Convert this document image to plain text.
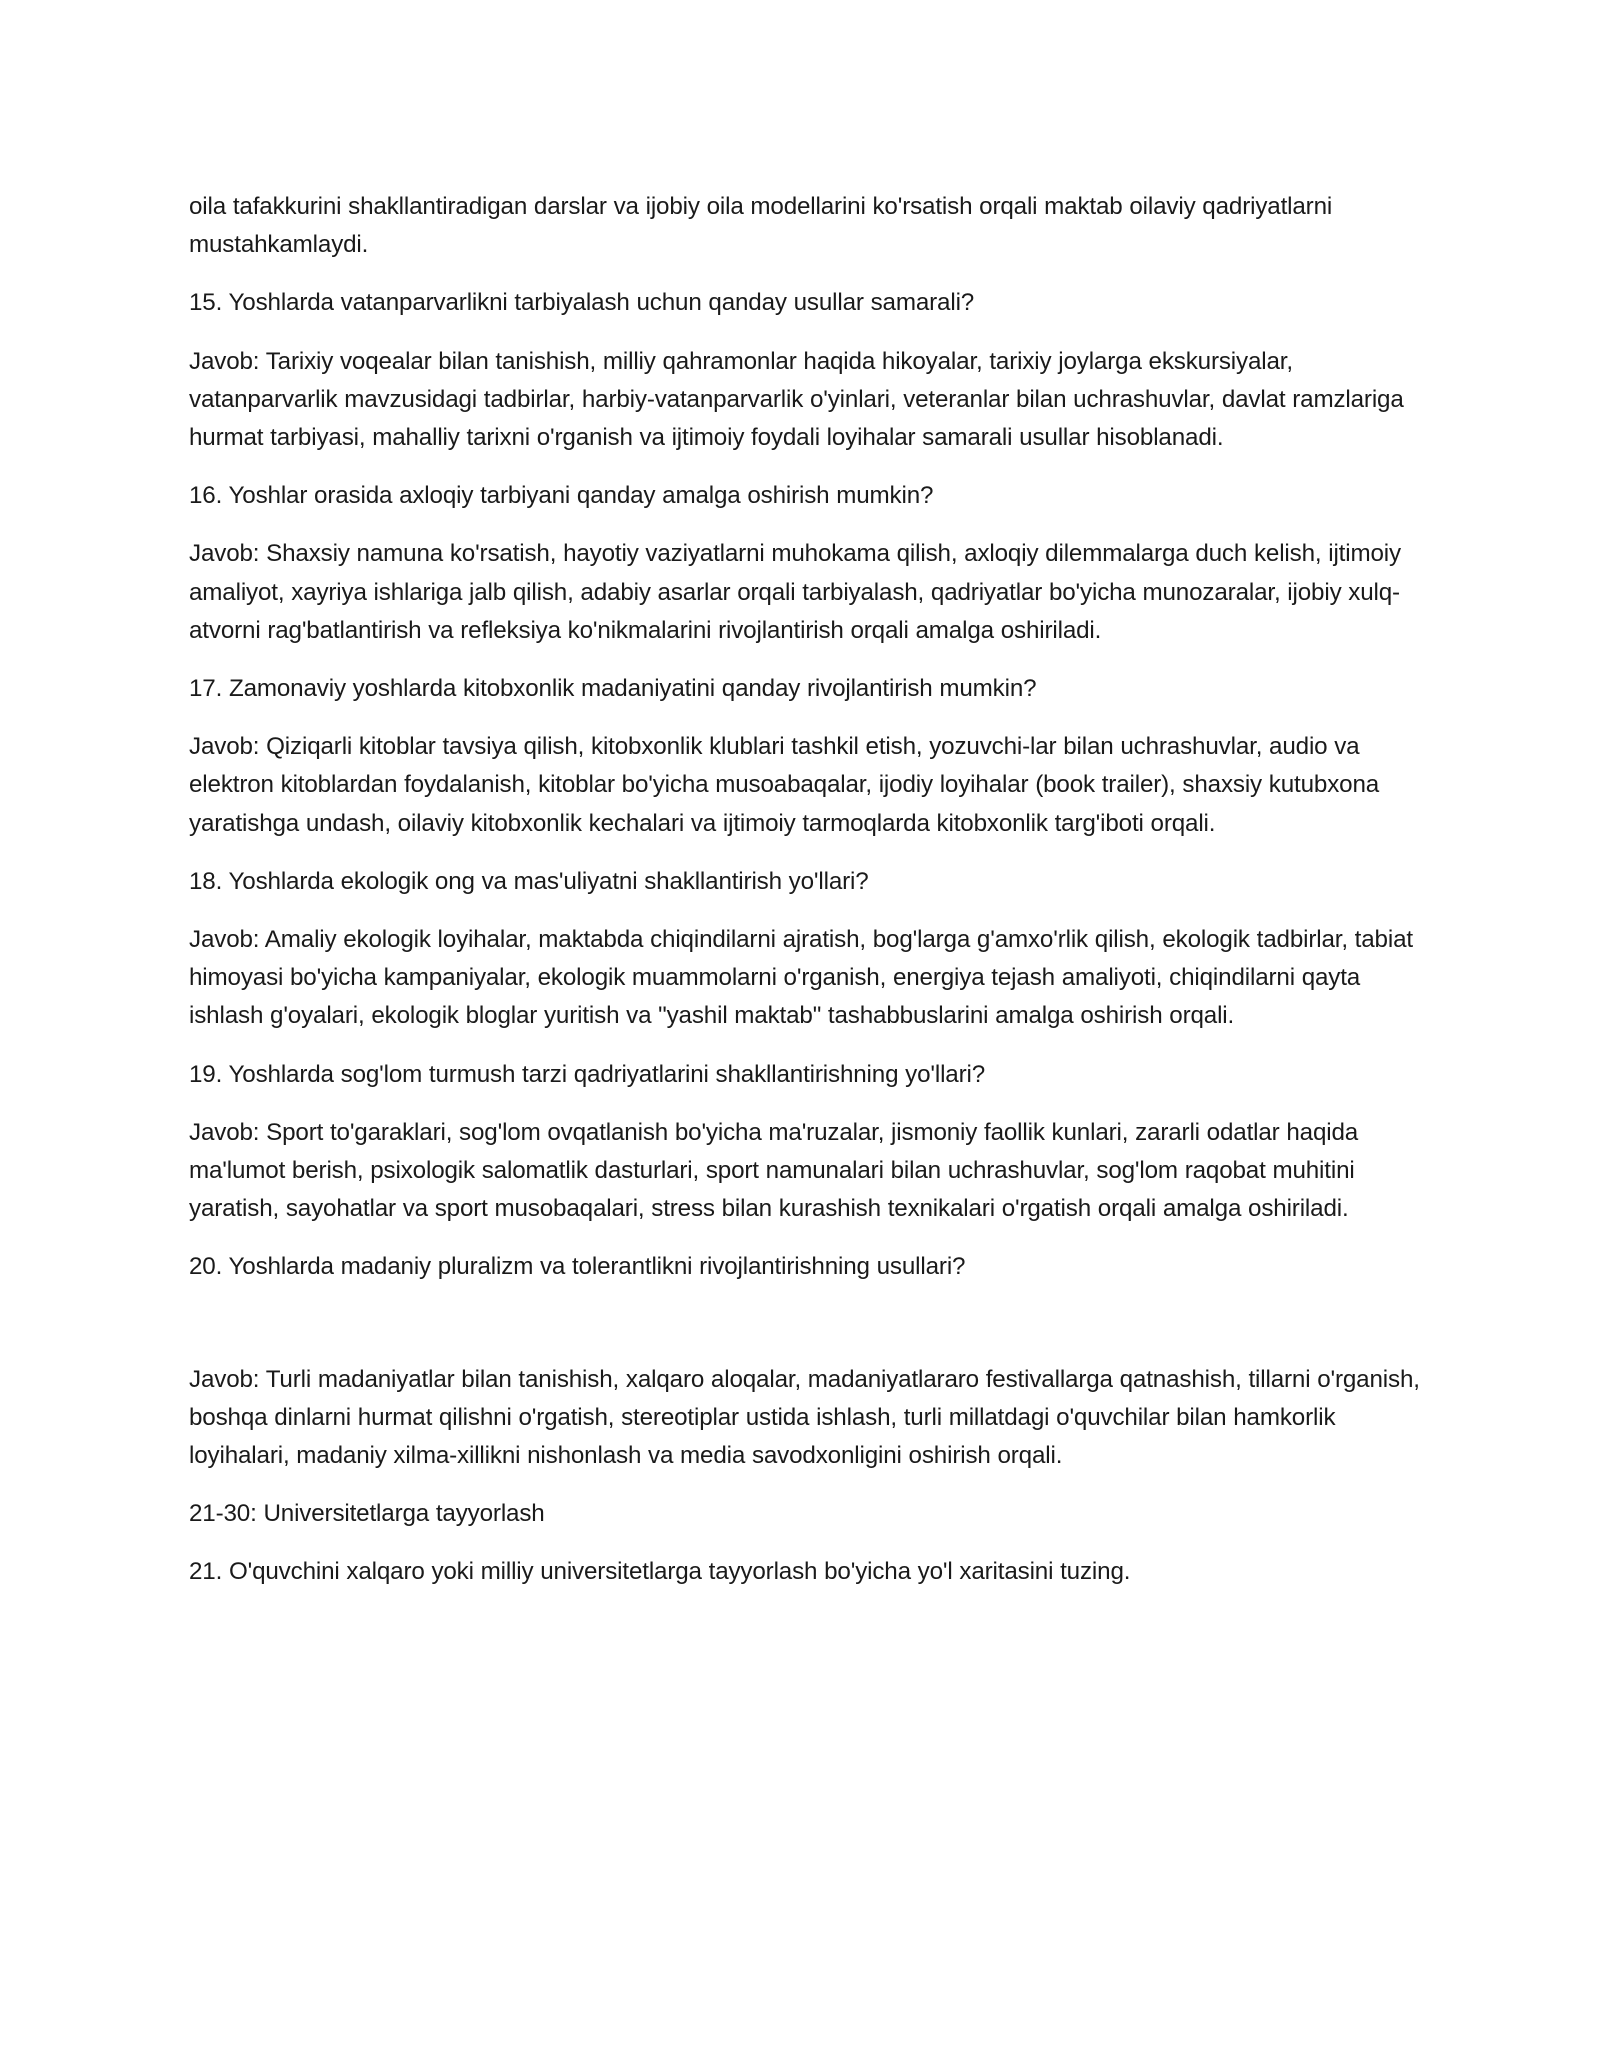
oila tafakkurini shakllantiradigan darslar va ijobiy oila modellarini ko'rsatish orqali maktab oilaviy qadriyatlarni mustahkamlaydi.

15. Yoshlarda vatanparvarlikni tarbiyalash uchun qanday usullar samarali?

Javob: Tarixiy voqealar bilan tanishish, milliy qahramonlar haqida hikoyalar, tarixiy joylarga ekskursiyalar, vatanparvarlik mavzusidagi tadbirlar, harbiy-vatanparvarlik o'yinlari, veteranlar bilan uchrashuvlar, davlat ramzlariga hurmat tarbiyasi, mahalliy tarixni o'rganish va ijtimoiy foydali loyihalar samarali usullar hisoblanadi.

16. Yoshlar orasida axloqiy tarbiyani qanday amalga oshirish mumkin?

Javob: Shaxsiy namuna ko'rsatish, hayotiy vaziyatlarni muhokama qilish, axloqiy dilemmalarga duch kelish, ijtimoiy amaliyot, xayriya ishlariga jalb qilish, adabiy asarlar orqali tarbiyalash, qadriyatlar bo'yicha munozaralar, ijobiy xulq-atvorni rag'batlantirish va refleksiya ko'nikmalarini rivojlantirish orqali amalga oshiriladi.

17. Zamonaviy yoshlarda kitobxonlik madaniyatini qanday rivojlantirish mumkin?

Javob: Qiziqarli kitoblar tavsiya qilish, kitobxonlik klublari tashkil etish, yozuvchi-lar bilan uchrashuvlar, audio va elektron kitoblardan foydalanish, kitoblar bo'yicha musoabaqalar, ijodiy loyihalar (book trailer), shaxsiy kutubxona yaratishga undash, oilaviy kitobxonlik kechalari va ijtimoiy tarmoqlarda kitobxonlik targ'iboti orqali.

18. Yoshlarda ekologik ong va mas'uliyatni shakllantirish yo'llari?

Javob: Amaliy ekologik loyihalar, maktabda chiqindilarni ajratish, bog'larga g'amxo'rlik qilish, ekologik tadbirlar, tabiat himoyasi bo'yicha kampaniyalar, ekologik muammolarni o'rganish, energiya tejash amaliyoti, chiqindilarni qayta ishlash g'oyalari, ekologik bloglar yuritish va "yashil maktab" tashabbuslarini amalga oshirish orqali.

19. Yoshlarda sog'lom turmush tarzi qadriyatlarini shakllantirishning yo'llari?

Javob: Sport to'garaklari, sog'lom ovqatlanish bo'yicha ma'ruzalar, jismoniy faollik kunlari, zararli odatlar haqida ma'lumot berish, psixologik salomatlik dasturlari, sport namunalari bilan uchrashuvlar, sog'lom raqobat muhitini yaratish, sayohatlar va sport musobaqalari, stress bilan kurashish texnikalari o'rgatish orqali amalga oshiriladi.

20. Yoshlarda madaniy pluralizm va tolerantlikni rivojlantirishning usullari?

Javob: Turli madaniyatlar bilan tanishish, xalqaro aloqalar, madaniyatlararo festivallarga qatnashish, tillarni o'rganish, boshqa dinlarni hurmat qilishni o'rgatish, stereotiplar ustida ishlash, turli millatdagi o'quvchilar bilan hamkorlik loyihalari, madaniy xilma-xillikni nishonlash va media savodxonligini oshirish orqali.

21-30: Universitetlarga tayyorlash

21. O'quvchini xalqaro yoki milliy universitetlarga tayyorlash bo'yicha yo'l xaritasini tuzing.
